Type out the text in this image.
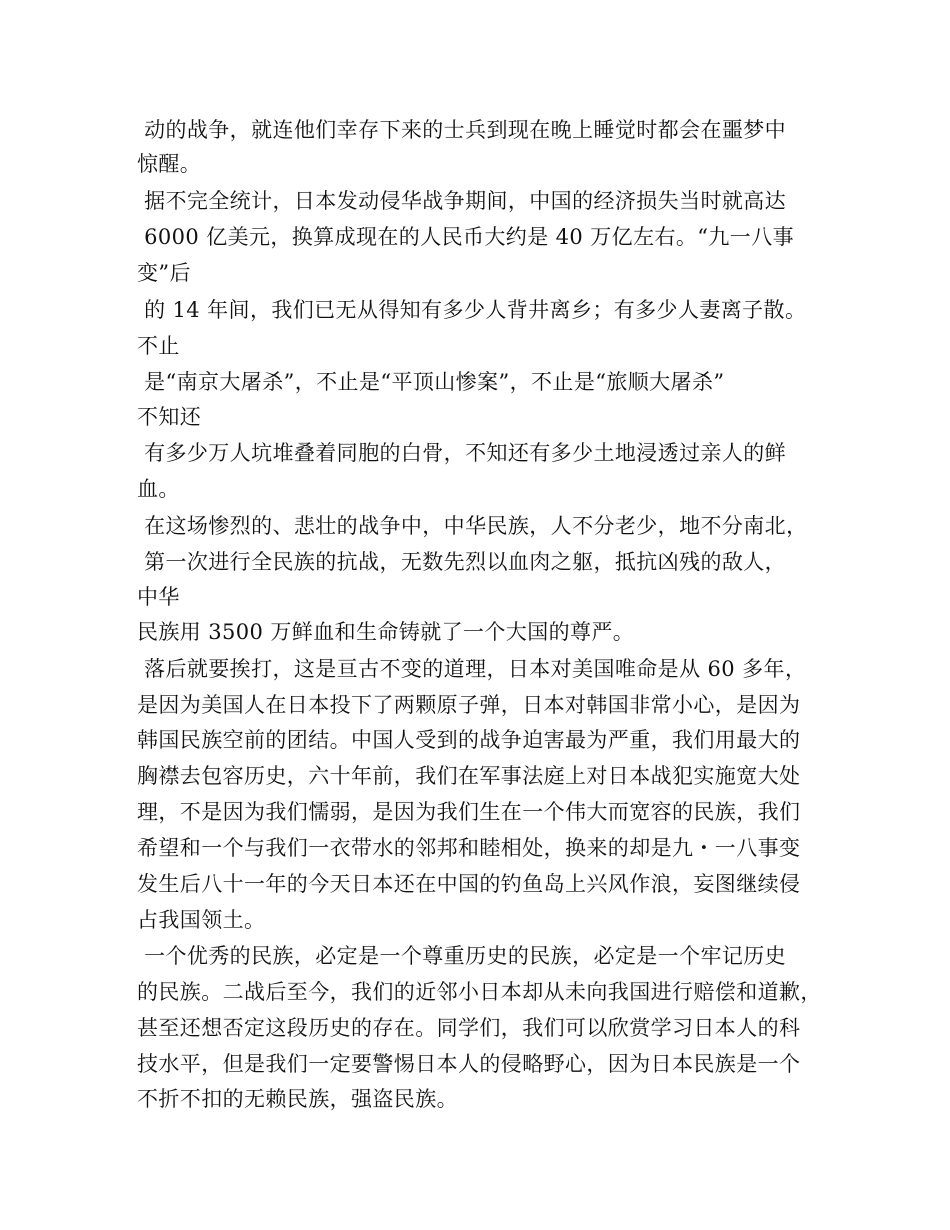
动的战争，就连他们幸存下来的士兵到现在晚上睡觉时都会在噩梦中

惊醒。

据不完全统计，日本发动侵华战争期间，中国的经济损失当时就高达

6000 亿美元，换算成现在的人民币大约是 40 万亿左右。“九一八事

变”后

的 14 年间，我们已无从得知有多少人背井离乡；有多少人妻离子散。

不止

是“南京大屠杀”，不止是“平顶山惨案”，不止是“旅顺大屠杀”

不知还

有多少万人坑堆叠着同胞的白骨，不知还有多少土地浸透过亲人的鲜

血。

在这场惨烈的、悲壮的战争中，中华民族，人不分老少，地不分南北，

第一次进行全民族的抗战，无数先烈以血肉之躯，抵抗凶残的敌人，

中华

民族用 3500 万鲜血和生命铸就了一个大国的尊严。

落后就要挨打，这是亘古不变的道理，日本对美国唯命是从 60 多年，

是因为美国人在日本投下了两颗原子弹，日本对韩国非常小心，是因为

韩国民族空前的团结。中国人受到的战争迫害最为严重，我们用最大的

胸襟去包容历史，六十年前，我们在军事法庭上对日本战犯实施宽大处

理，不是因为我们懦弱，是因为我们生在一个伟大而宽容的民族，我们

希望和一个与我们一衣带水的邻邦和睦相处，换来的却是九・一八事变

发生后八十一年的今天日本还在中国的钓鱼岛上兴风作浪，妄图继续侵

占我国领土。

一个优秀的民族，必定是一个尊重历史的民族，必定是一个牢记历史

的民族。二战后至今，我们的近邻小日本却从未向我国进行赔偿和道歉，

甚至还想否定这段历史的存在。同学们，我们可以欣赏学习日本人的科

技水平，但是我们一定要警惕日本人的侵略野心，因为日本民族是一个

不折不扣的无赖民族，强盗民族。
